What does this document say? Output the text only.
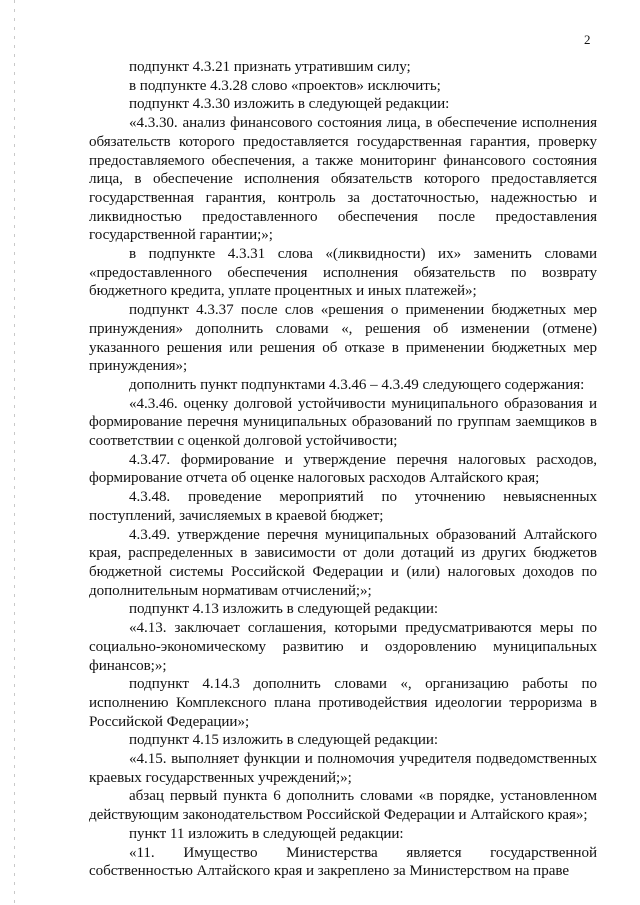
2

подпункт 4.3.21 признать утратившим силу;

в подпункте 4.3.28 слово «проектов» исключить;

подпункт 4.3.30 изложить в следующей редакции:

«4.3.30. анализ финансового состояния лица, в обеспечение исполнения обязательств которого предоставляется государственная гарантия, проверку предоставляемого обеспечения, а также мониторинг финансового состояния лица, в обеспечение исполнения обязательств которого предоставляется государственная гарантия, контроль за достаточностью, надежностью и ликвидностью предоставленного обеспечения после предоставления государственной гарантии;»;

в подпункте 4.3.31 слова «(ликвидности) их» заменить словами «предоставленного обеспечения исполнения обязательств по возврату бюджетного кредита, уплате процентных и иных платежей»;

подпункт 4.3.37 после слов «решения о применении бюджетных мер принуждения» дополнить словами «, решения об изменении (отмене) указанного решения или решения об отказе в применении бюджетных мер принуждения»;

дополнить пункт подпунктами 4.3.46 – 4.3.49 следующего содержания:

«4.3.46. оценку долговой устойчивости муниципального образования и формирование перечня муниципальных образований по группам заемщиков в соответствии с оценкой долговой устойчивости;

4.3.47. формирование и утверждение перечня налоговых расходов, формирование отчета об оценке налоговых расходов Алтайского края;

4.3.48. проведение мероприятий по уточнению невыясненных поступлений, зачисляемых в краевой бюджет;

4.3.49. утверждение перечня муниципальных образований Алтайского края, распределенных в зависимости от доли дотаций из других бюджетов бюджетной системы Российской Федерации и (или) налоговых доходов по дополнительным нормативам отчислений;»;

подпункт 4.13 изложить в следующей редакции:

«4.13. заключает соглашения, которыми предусматриваются меры по социально-экономическому развитию и оздоровлению муниципальных финансов;»;

подпункт 4.14.3 дополнить словами «, организацию работы по исполнению Комплексного плана противодействия идеологии терроризма в Российской Федерации»;

подпункт 4.15 изложить в следующей редакции:

«4.15. выполняет функции и полномочия учредителя подведомственных краевых государственных учреждений;»;

абзац первый пункта 6 дополнить словами «в порядке, установленном действующим законодательством Российской Федерации и Алтайского края»;

пункт 11 изложить в следующей редакции:

«11. Имущество Министерства является государственной собственностью Алтайского края и закреплено за Министерством на праве
